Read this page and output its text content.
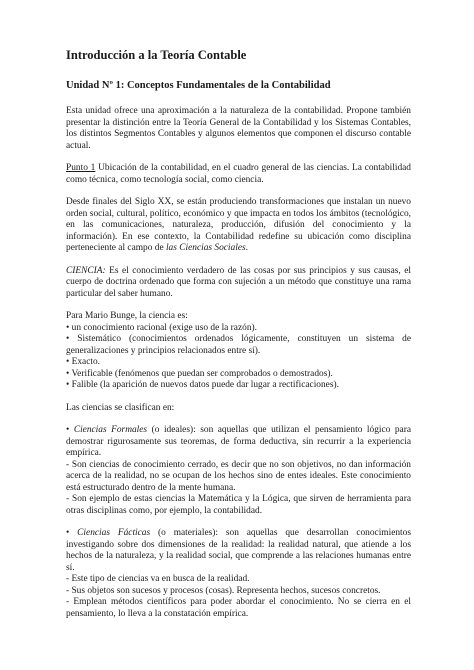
Introducción a la Teoría Contable
Unidad Nº 1: Conceptos Fundamentales de la Contabilidad

Esta unidad ofrece una aproximación a la naturaleza de la contabilidad. Propone también presentar la distinción entre la Teoría General de la Contabilidad y los Sistemas Contables, los distintos Segmentos Contables y algunos elementos que componen el discurso contable actual.

Punto 1 Ubicación de la contabilidad, en el cuadro general de las ciencias. La contabilidad como técnica, como tecnología social, como ciencia.

Desde finales del Siglo XX, se están produciendo transformaciones que instalan un nuevo orden social, cultural, político, económico y que impacta en todos los ámbitos (tecnológico, en las comunicaciones, naturaleza, producción, difusión del conocimiento y la información). En ese contexto, la Contabilidad redefine su ubicación como disciplina perteneciente al campo de las Ciencias Sociales.

CIENCIA: Es el conocimiento verdadero de las cosas por sus principios y sus causas, el cuerpo de doctrina ordenado que forma con sujeción a un método que constituye una rama particular del saber humano.

Para Mario Bunge, la ciencia es:

• un conocimiento racional (exige uso de la razón).

• Sistemático (conocimientos ordenados lógicamente, constituyen un sistema de generalizaciones y principios relacionados entre sí).

• Exacto.

• Verificable (fenómenos que puedan ser comprobados o demostrados).

• Falible (la aparición de nuevos datos puede dar lugar a rectificaciones).

Las ciencias se clasifican en:

• Ciencias Formales (o ideales): son aquellas que utilizan el pensamiento lógico para demostrar rigurosamente sus teoremas, de forma deductiva, sin recurrir a la experiencia empírica.

- Son ciencias de conocimiento cerrado, es decir que no son objetivos, no dan información acerca de la realidad, no se ocupan de los hechos sino de entes ideales. Este conocimiento está estructurado dentro de la mente humana.

- Son ejemplo de estas ciencias la Matemática y la Lógica, que sirven de herramienta para otras disciplinas como, por ejemplo, la contabilidad.

• Ciencias Fácticas (o materiales): son aquellas que desarrollan conocimientos investigando sobre dos dimensiones de la realidad: la realidad natural, que atiende a los hechos de la naturaleza, y la realidad social, que comprende a las relaciones humanas entre sí.

- Este tipo de ciencias va en busca de la realidad.

- Sus objetos son sucesos y procesos (cosas). Representa hechos, sucesos concretos.

- Emplean métodos científicos para poder abordar el conocimiento. No se cierra en el pensamiento, lo lleva a la constatación empírica.
